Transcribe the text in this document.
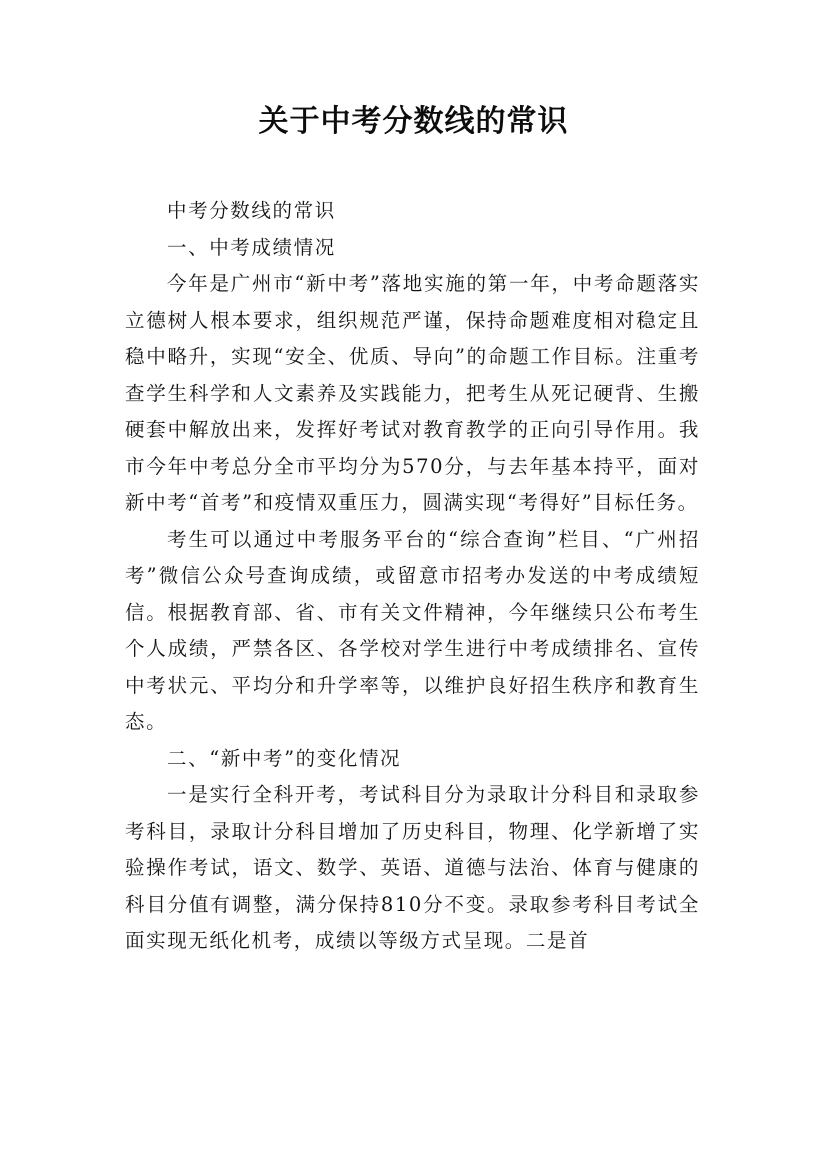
关于中考分数线的常识

中考分数线的常识

一、中考成绩情况

今年是广州市“新中考”落地实施的第一年，中考命题落实立德树人根本要求，组织规范严谨，保持命题难度相对稳定且稳中略升，实现“安全、优质、导向”的命题工作目标。注重考查学生科学和人文素养及实践能力，把考生从死记硬背、生搬硬套中解放出来，发挥好考试对教育教学的正向引导作用。我市今年中考总分全市平均分为570分，与去年基本持平，面对新中考“首考”和疫情双重压力，圆满实现“考得好”目标任务。

考生可以通过中考服务平台的“综合查询”栏目、“广州招考”微信公众号查询成绩，或留意市招考办发送的中考成绩短信。根据教育部、省、市有关文件精神，今年继续只公布考生个人成绩，严禁各区、各学校对学生进行中考成绩排名、宣传中考状元、平均分和升学率等，以维护良好招生秩序和教育生态。

二、“新中考”的变化情况

一是实行全科开考，考试科目分为录取计分科目和录取参考科目，录取计分科目增加了历史科目，物理、化学新增了实验操作考试，语文、数学、英语、道德与法治、体育与健康的科目分值有调整，满分保持810分不变。录取参考科目考试全面实现无纸化机考，成绩以等级方式呈现。二是首
